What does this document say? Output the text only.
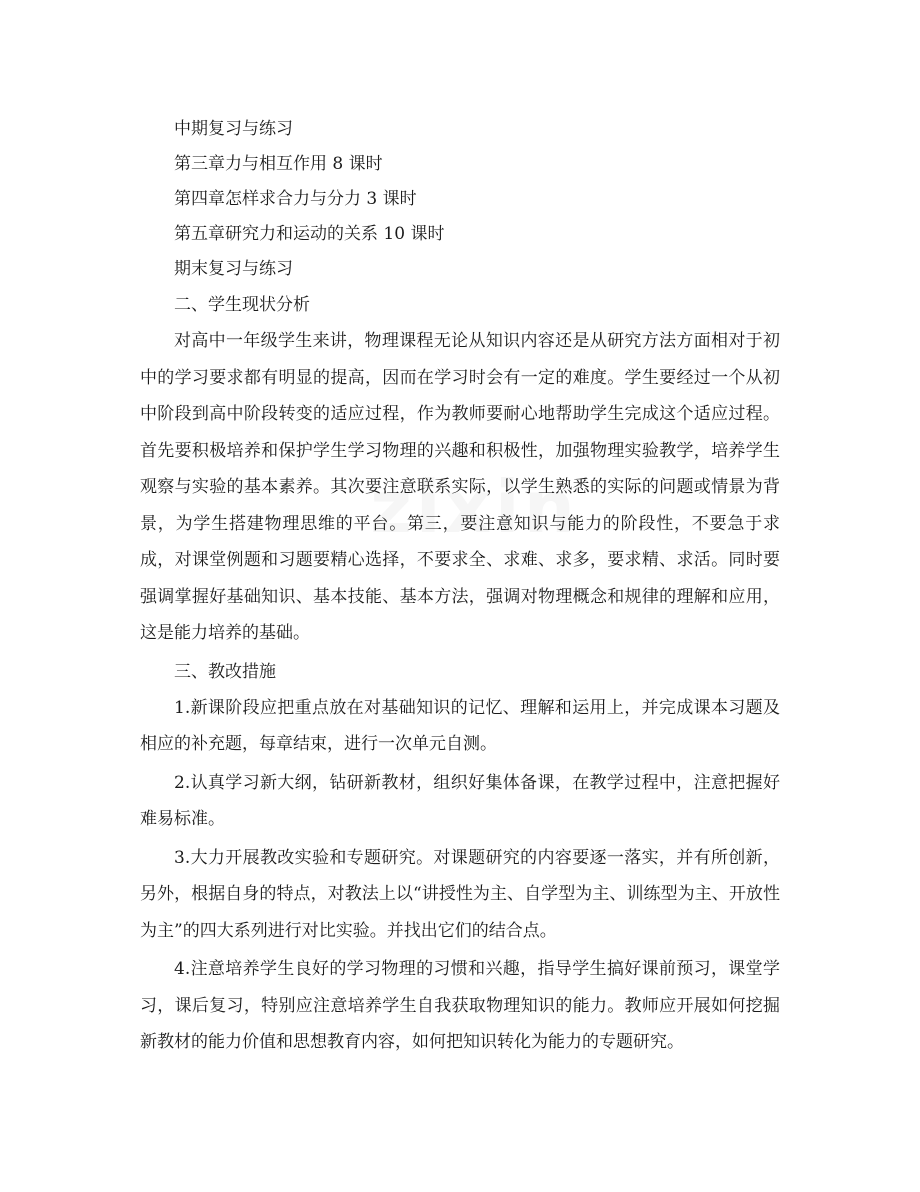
中期复习与练习
第三章力与相互作用 8 课时
第四章怎样求合力与分力 3 课时
第五章研究力和运动的关系 10 课时
期末复习与练习
二、学生现状分析

对高中一年级学生来讲，物理课程无论从知识内容还是从研究方法方面相对于初中的学习要求都有明显的提高，因而在学习时会有一定的难度。学生要经过一个从初中阶段到高中阶段转变的适应过程，作为教师要耐心地帮助学生完成这个适应过程。首先要积极培养和保护学生学习物理的兴趣和积极性，加强物理实验教学，培养学生观察与实验的基本素养。其次要注意联系实际，以学生熟悉的实际的问题或情景为背景，为学生搭建物理思维的平台。第三，要注意知识与能力的阶段性，不要急于求成，对课堂例题和习题要精心选择，不要求全、求难、求多，要求精、求活。同时要强调掌握好基础知识、基本技能、基本方法，强调对物理概念和规律的理解和应用，这是能力培养的基础。

三、教改措施

1.新课阶段应把重点放在对基础知识的记忆、理解和运用上，并完成课本习题及相应的补充题，每章结束，进行一次单元自测。

2.认真学习新大纲，钻研新教材，组织好集体备课，在教学过程中，注意把握好难易标准。

3.大力开展教改实验和专题研究。对课题研究的内容要逐一落实，并有所创新，另外，根据自身的特点，对教法上以“讲授性为主、自学型为主、训练型为主、开放性为主”的四大系列进行对比实验。并找出它们的结合点。

4.注意培养学生良好的学习物理的习惯和兴趣，指导学生搞好课前预习，课堂学习，课后复习，特别应注意培养学生自我获取物理知识的能力。教师应开展如何挖掘新教材的能力价值和思想教育内容，如何把知识转化为能力的专题研究。
